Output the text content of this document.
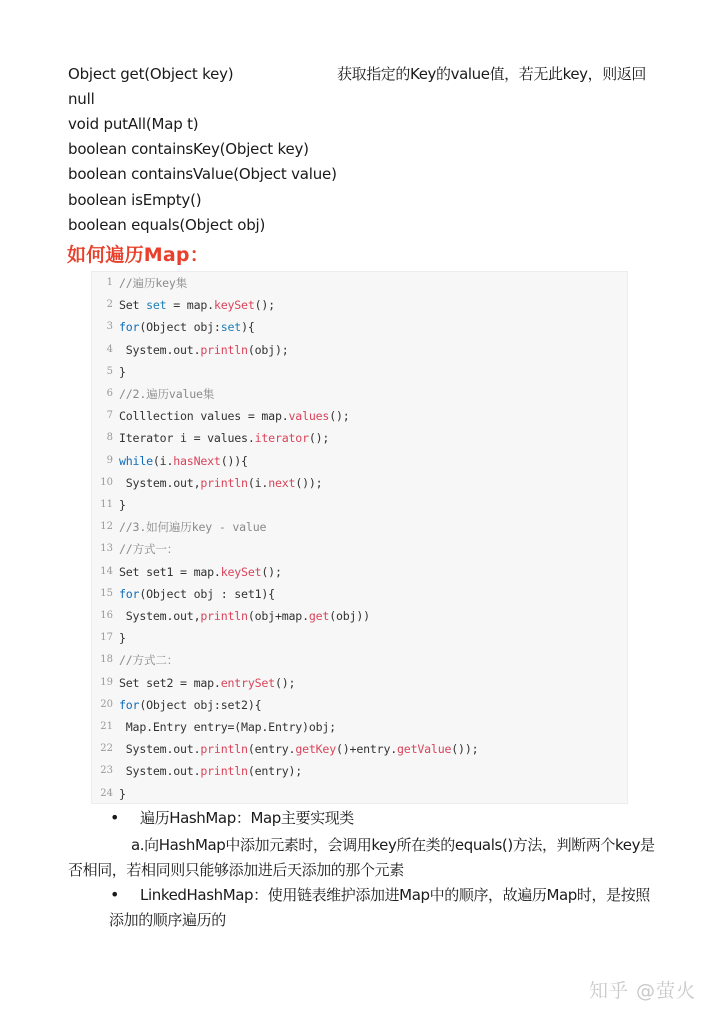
Object get(Object key)	获取指定的Key的value值，若无此key，则返回
null
void putAll(Map t)
boolean containsKey(Object key)
boolean containsValue(Object value)
boolean isEmpty()
boolean equals(Object obj)
如何遍历Map：
1 //遍历key集
2 Set set = map.keySet();
3 for(Object obj:set){
4 System.out.println(obj);
5 }
6 //2.遍历value集
7 Colllection values = map.values();
8 Iterator i = values.iterator();
9 while(i.hasNext()){
10 System.out,println(i.next());
11 }
12 //3.如何遍历key - value
13 //方式一：
14 Set set1 = map.keySet();
15 for(Object obj : set1){
16 System.out,println(obj+map.get(obj))
17 }
18 //方式二：
19 Set set2 = map.entrySet();
20 for(Object obj:set2){
21 Map.Entry entry=(Map.Entry)obj;
22 System.out.println(entry.getKey()+entry.getValue());
23 System.out.println(entry);
24 }
• 遍历HashMap：Map主要实现类
a.向HashMap中添加元素时，会调用key所在类的equals()方法，判断两个key是
否相同，若相同则只能够添加进后天添加的那个元素
• LinkedHashMap：使用链表维护添加进Map中的顺序，故遍历Map时，是按照
添加的顺序遍历的
知乎 @萤火
